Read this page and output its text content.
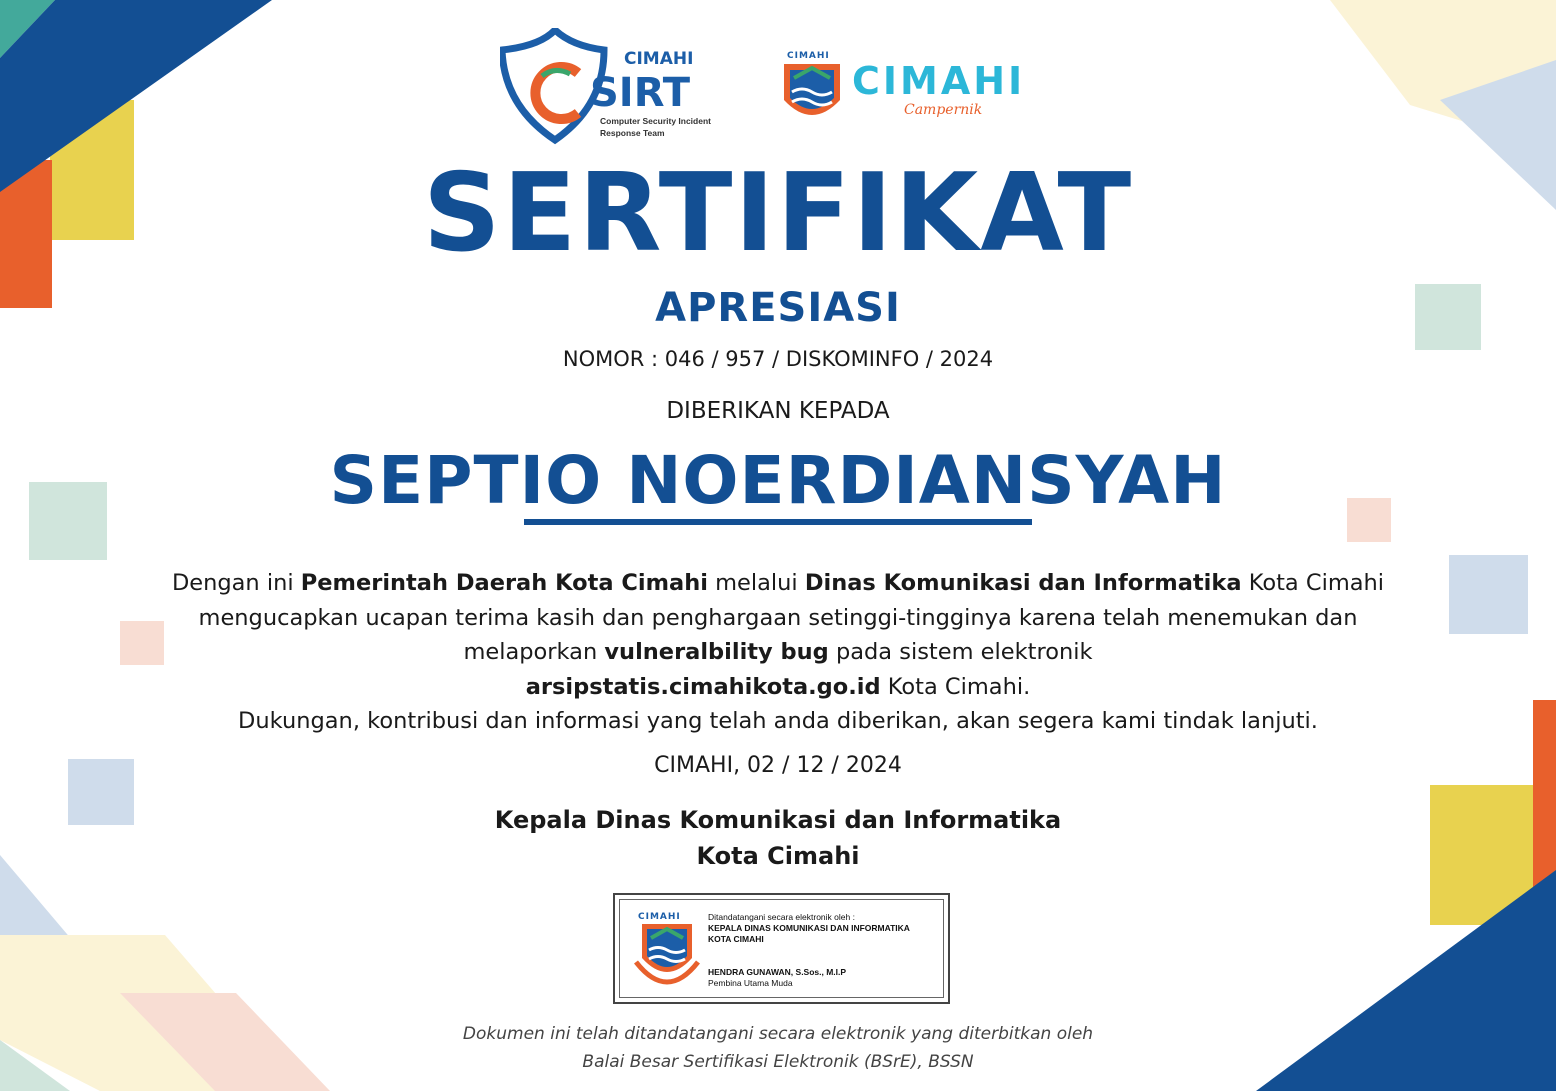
CIMAHI
SIRT
Computer Security Incident
Response Team
CIMAHI
CIMAHI
Campernik
SERTIFIKAT
APRESIASI
NOMOR : 046 / 957 / DISKOMINFO / 2024
DIBERIKAN KEPADA
SEPTIO NOERDIANSYAH

Dengan ini Pemerintah Daerah Kota Cimahi melalui Dinas Komunikasi dan Informatika Kota Cimahi mengucapkan ucapan terima kasih dan penghargaan setinggi-tingginya karena telah menemukan dan melaporkan vulneralbility bug pada sistem elektronik
arsipstatis.cimahikota.go.id Kota Cimahi.

Dukungan, kontribusi dan informasi yang telah anda diberikan, akan segera kami tindak lanjuti.

CIMAHI, 02 / 12 / 2024
Kepala Dinas Komunikasi dan Informatika
Kota Cimahi
CIMAHI	Ditandatangani secara elektronik oleh :
KEPALA DINAS KOMUNIKASI DAN INFORMATIKA
KOTA CIMAHI
HENDRA GUNAWAN, S.Sos., M.I.P
Pembina Utama Muda
Dokumen ini telah ditandatangani secara elektronik yang diterbitkan oleh
Balai Besar Sertifikasi Elektronik (BSrE), BSSN
